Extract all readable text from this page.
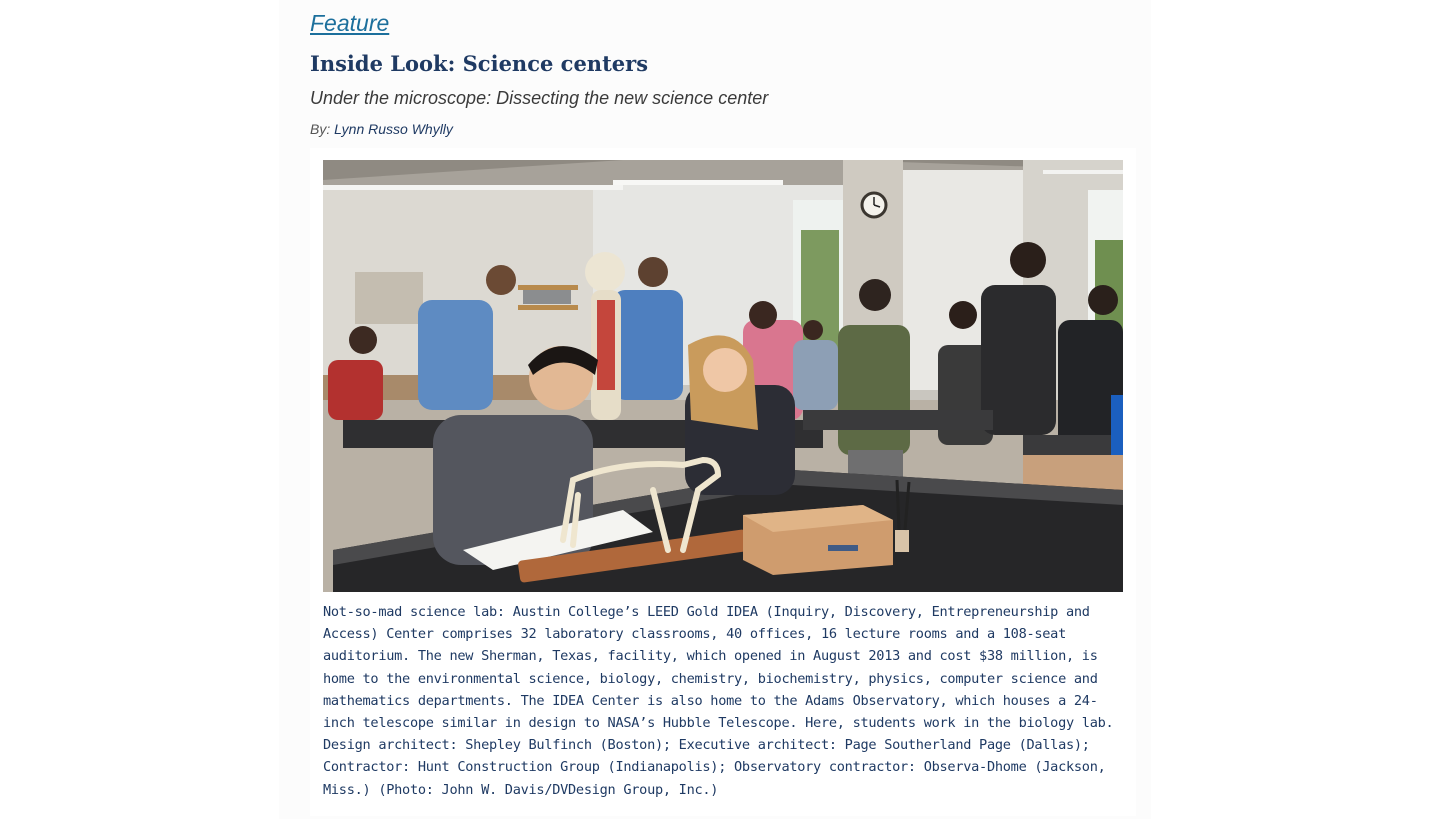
Feature
Inside Look: Science centers
Under the microscope: Dissecting the new science center
By: Lynn Russo Whylly

Not-so-mad science lab: Austin College’s LEED Gold IDEA (Inquiry, Discovery, Entrepreneurship and Access) Center comprises 32 laboratory classrooms, 40 offices, 16 lecture rooms and a 108-seat auditorium. The new Sherman, Texas, facility, which opened in August 2013 and cost $38 million, is home to the environmental science, biology, chemistry, biochemistry, physics, computer science and mathematics departments. The IDEA Center is also home to the Adams Observatory, which houses a 24-inch telescope similar in design to NASA’s Hubble Telescope. Here, students work in the biology lab. Design architect: Shepley Bulfinch (Boston); Executive architect: Page Southerland Page (Dallas); Contractor: Hunt Construction Group (Indianapolis); Observatory contractor: Observa-Dhome (Jackson, Miss.) (Photo: John W. Davis/DVDesign Group, Inc.)
